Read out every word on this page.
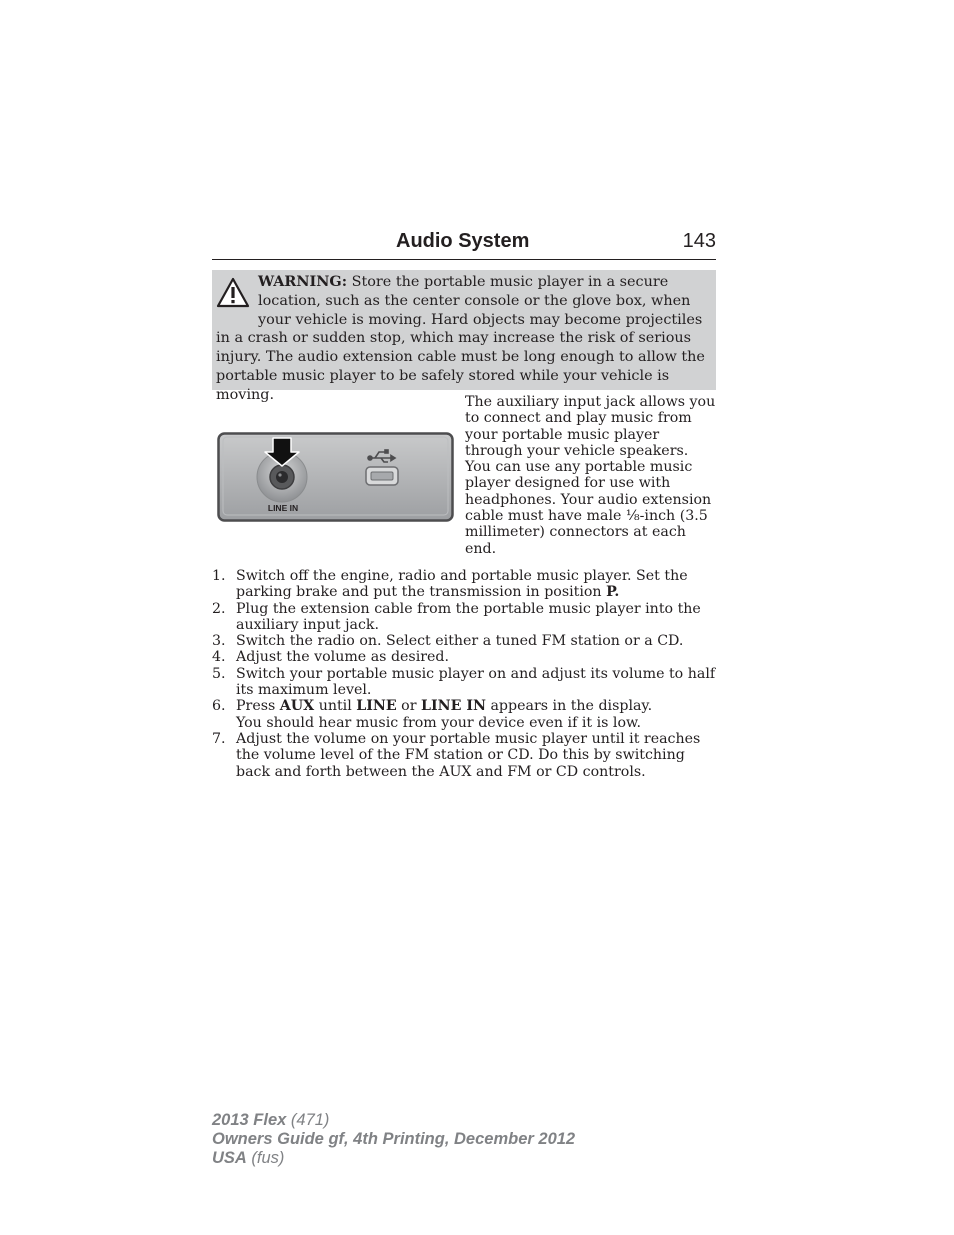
Audio System	143
WARNING: Store the portable music player in a secure location, such as the center console or the glove box, when your vehicle is moving. Hard objects may become projectiles in a crash or sudden stop, which may increase the risk of serious injury. The audio extension cable must be long enough to allow the portable music player to be safely stored while your vehicle is moving.
LINE IN
The auxiliary input jack allows you to connect and play music from your portable music player through your vehicle speakers. You can use any portable music player designed for use with headphones. Your audio extension cable must have male ⅛-inch (3.5 millimeter) connectors at each end.
1. Switch off the engine, radio and portable music player. Set the parking brake and put the transmission in position P.
2. Plug the extension cable from the portable music player into the auxiliary input jack.
3. Switch the radio on. Select either a tuned FM station or a CD.
4. Adjust the volume as desired.
5. Switch your portable music player on and adjust its volume to half its maximum level.
6. Press AUX until LINE or LINE IN appears in the display.
You should hear music from your device even if it is low.
7. Adjust the volume on your portable music player until it reaches the volume level of the FM station or CD. Do this by switching back and forth between the AUX and FM or CD controls.
2013 Flex (471)
Owners Guide gf, 4th Printing, December 2012
USA (fus)
